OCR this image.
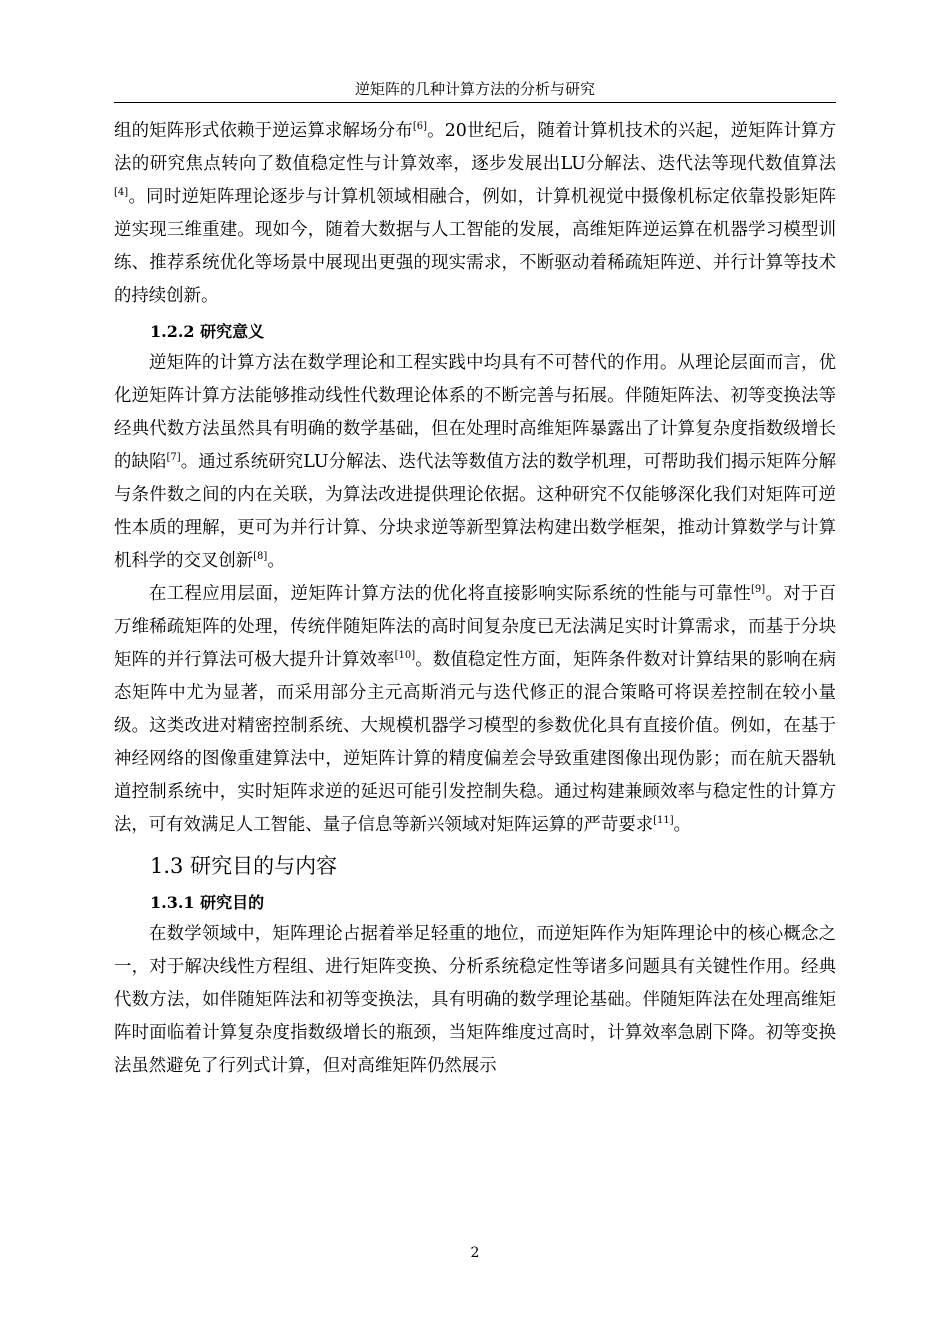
逆矩阵的几种计算方法的分析与研究

组的矩阵形式依赖于逆运算求解场分布[6]。20世纪后，随着计算机技术的兴起，逆矩阵计算方法的研究焦点转向了数值稳定性与计算效率，逐步发展出LU分解法、迭代法等现代数值算法[4]。同时逆矩阵理论逐步与计算机领域相融合，例如，计算机视觉中摄像机标定依靠投影矩阵逆实现三维重建。现如今，随着大数据与人工智能的发展，高维矩阵逆运算在机器学习模型训练、推荐系统优化等场景中展现出更强的现实需求，不断驱动着稀疏矩阵逆、并行计算等技术的持续创新。

1.2.2 研究意义

逆矩阵的计算方法在数学理论和工程实践中均具有不可替代的作用。从理论层面而言，优化逆矩阵计算方法能够推动线性代数理论体系的不断完善与拓展。伴随矩阵法、初等变换法等经典代数方法虽然具有明确的数学基础，但在处理时高维矩阵暴露出了计算复杂度指数级增长的缺陷[7]。通过系统研究LU分解法、迭代法等数值方法的数学机理，可帮助我们揭示矩阵分解与条件数之间的内在关联，为算法改进提供理论依据。这种研究不仅能够深化我们对矩阵可逆性本质的理解，更可为并行计算、分块求逆等新型算法构建出数学框架，推动计算数学与计算机科学的交叉创新[8]。

在工程应用层面，逆矩阵计算方法的优化将直接影响实际系统的性能与可靠性[9]。对于百万维稀疏矩阵的处理，传统伴随矩阵法的高时间复杂度已无法满足实时计算需求，而基于分块矩阵的并行算法可极大提升计算效率[10]。数值稳定性方面，矩阵条件数对计算结果的影响在病态矩阵中尤为显著，而采用部分主元高斯消元与迭代修正的混合策略可将误差控制在较小量级。这类改进对精密控制系统、大规模机器学习模型的参数优化具有直接价值。例如，在基于神经网络的图像重建算法中，逆矩阵计算的精度偏差会导致重建图像出现伪影；而在航天器轨道控制系统中，实时矩阵求逆的延迟可能引发控制失稳。通过构建兼顾效率与稳定性的计算方法，可有效满足人工智能、量子信息等新兴领域对矩阵运算的严苛要求[11]。

1.3 研究目的与内容
1.3.1 研究目的

在数学领域中，矩阵理论占据着举足轻重的地位，而逆矩阵作为矩阵理论中的核心概念之一，对于解决线性方程组、进行矩阵变换、分析系统稳定性等诸多问题具有关键性作用。经典代数方法，如伴随矩阵法和初等变换法，具有明确的数学理论基础。伴随矩阵法在处理高维矩阵时面临着计算复杂度指数级增长的瓶颈，当矩阵维度过高时，计算效率急剧下降。初等变换法虽然避免了行列式计算，但对高维矩阵仍然展示

2
